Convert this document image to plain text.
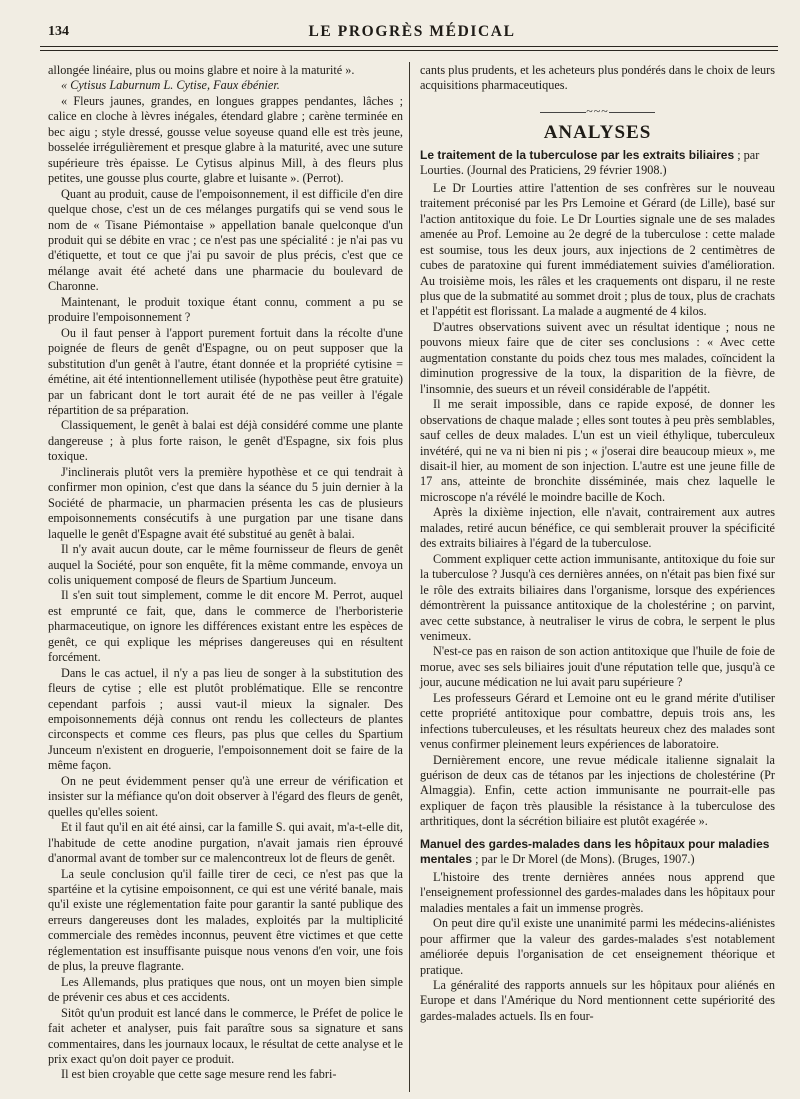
134	LE PROGRÈS MÉDICAL

allongée linéaire, plus ou moins glabre et noire à la maturité ».

« Cytisus Laburnum L. Cytise, Faux ébénier.

« Fleurs jaunes, grandes, en longues grappes pendantes, lâches ; calice en cloche à lèvres inégales, étendard glabre ; carène terminée en bec aigu ; style dressé, gousse velue soyeuse quand elle est très jeune, bosselée irrégulièrement et presque glabre à la maturité, avec une suture supérieure très épaisse. Le Cytisus alpinus Mill, à des fleurs plus petites, une gousse plus courte, glabre et luisante ». (Perrot).

Quant au produit, cause de l'empoisonnement, il est difficile d'en dire quelque chose, c'est un de ces mélanges purgatifs qui se vend sous le nom de « Tisane Piémontaise » appellation banale quelconque d'un produit qui se débite en vrac ; ce n'est pas une spécialité : je n'ai pas vu d'étiquette, et tout ce que j'ai pu savoir de plus précis, c'est que ce mélange avait été acheté dans une pharmacie du boulevard de Charonne.

Maintenant, le produit toxique étant connu, comment a pu se produire l'empoisonnement ?

Ou il faut penser à l'apport purement fortuit dans la récolte d'une poignée de fleurs de genêt d'Espagne, ou on peut supposer que la substitution d'un genêt à l'autre, étant donnée et la propriété cytisine = émétine, ait été intentionnellement utilisée (hypothèse peut être gratuite) par un fabricant dont le tort aurait été de ne pas veiller à l'égale répartition de sa préparation.

Classiquement, le genêt à balai est déjà considéré comme une plante dangereuse ; à plus forte raison, le genêt d'Espagne, six fois plus toxique.

J'inclinerais plutôt vers la première hypothèse et ce qui tendrait à confirmer mon opinion, c'est que dans la séance du 5 juin dernier à la Société de pharmacie, un pharmacien présenta les cas de plusieurs empoisonnements consécutifs à une purgation par une tisane dans laquelle le genêt d'Espagne avait été substitué au genêt à balai.

Il n'y avait aucun doute, car le même fournisseur de fleurs de genêt auquel la Société, pour son enquête, fit la même commande, envoya un colis uniquement composé de fleurs de Spartium Junceum.

Il s'en suit tout simplement, comme le dit encore M. Perrot, auquel est emprunté ce fait, que, dans le commerce de l'herboristerie pharmaceutique, on ignore les différences existant entre les espèces de genêt, ce qui explique les méprises dangereuses qui en résultent forcément.

Dans le cas actuel, il n'y a pas lieu de songer à la substitution des fleurs de cytise ; elle est plutôt problématique. Elle se rencontre cependant parfois ; aussi vaut-il mieux la signaler. Des empoisonnements déjà connus ont rendu les collecteurs de plantes circonspects et comme ces fleurs, pas plus que celles du Spartium Junceum n'existent en droguerie, l'empoisonnement doit se faire de la même façon.

On ne peut évidemment penser qu'à une erreur de vérification et insister sur la méfiance qu'on doit observer à l'égard des fleurs de genêt, quelles qu'elles soient.

Et il faut qu'il en ait été ainsi, car la famille S. qui avait, m'a-t-elle dit, l'habitude de cette anodine purgation, n'avait jamais rien éprouvé d'anormal avant de tomber sur ce malencontreux lot de fleurs de genêt.

La seule conclusion qu'il faille tirer de ceci, ce n'est pas que la spartéine et la cytisine empoisonnent, ce qui est une vérité banale, mais qu'il existe une réglementation faite pour garantir la santé publique des erreurs dangereuses dont les malades, exploités par la multiplicité commerciale des remèdes inconnus, peuvent être victimes et que cette réglementation est insuffisante puisque nous venons d'en voir, une fois de plus, la preuve flagrante.

Les Allemands, plus pratiques que nous, ont un moyen bien simple de prévenir ces abus et ces accidents.

Sitôt qu'un produit est lancé dans le commerce, le Préfet de police le fait acheter et analyser, puis fait paraître sous sa signature et sans commentaires, dans les journaux locaux, le résultat de cette analyse et le prix exact qu'on doit payer ce produit.

Il est bien croyable que cette sage mesure rend les fabri-

cants plus prudents, et les acheteurs plus pondérés dans le choix de leurs acquisitions pharmaceutiques.

~~~
ANALYSES
Le traitement de la tuberculose par les extraits biliaires ; par Lourties. (Journal des Praticiens, 29 février 1908.)

Le Dr Lourties attire l'attention de ses confrères sur le nouveau traitement préconisé par les Prs Lemoine et Gérard (de Lille), basé sur l'action antitoxique du foie. Le Dr Lourties signale une de ses malades amenée au Prof. Lemoine au 2e degré de la tuberculose : cette malade est soumise, tous les deux jours, aux injections de 2 centimètres de cubes de paratoxine qui furent immédiatement suivies d'amélioration. Au troisième mois, les râles et les craquements ont disparu, il ne reste plus que de la submatité au sommet droit ; plus de toux, plus de crachats et l'appétit est florissant. La malade a augmenté de 4 kilos.

D'autres observations suivent avec un résultat identique ; nous ne pouvons mieux faire que de citer ses conclusions : « Avec cette augmentation constante du poids chez tous mes malades, coïncident la diminution progressive de la toux, la disparition de la fièvre, de l'insomnie, des sueurs et un réveil considérable de l'appétit.

Il me serait impossible, dans ce rapide exposé, de donner les observations de chaque malade ; elles sont toutes à peu près semblables, sauf celles de deux malades. L'un est un vieil éthylique, tuberculeux invétéré, qui ne va ni bien ni pis ; « j'oserai dire beaucoup mieux », me disait-il hier, au moment de son injection. L'autre est une jeune fille de 17 ans, atteinte de bronchite disséminée, mais chez laquelle le microscope n'a révélé le moindre bacille de Koch.

Après la dixième injection, elle n'avait, contrairement aux autres malades, retiré aucun bénéfice, ce qui semblerait prouver la spécificité des extraits biliaires à l'égard de la tuberculose.

Comment expliquer cette action immunisante, antitoxique du foie sur la tuberculose ? Jusqu'à ces dernières années, on n'était pas bien fixé sur le rôle des extraits biliaires dans l'organisme, lorsque des expériences démontrèrent la puissance antitoxique de la cholestérine ; on parvint, avec cette substance, à neutraliser le virus de cobra, le serpent le plus venimeux.

N'est-ce pas en raison de son action antitoxique que l'huile de foie de morue, avec ses sels biliaires jouit d'une réputation telle que, jusqu'à ce jour, aucune médication ne lui avait paru supérieure ?

Les professeurs Gérard et Lemoine ont eu le grand mérite d'utiliser cette propriété antitoxique pour combattre, depuis trois ans, les infections tuberculeuses, et les résultats heureux chez des malades sont venus confirmer pleinement leurs expériences de laboratoire.

Dernièrement encore, une revue médicale italienne signalait la guérison de deux cas de tétanos par les injections de cholestérine (Pr Almaggia). Enfin, cette action immunisante ne pourrait-elle pas expliquer de façon très plausible la résistance à la tuberculose des arthritiques, dont la sécrétion biliaire est plutôt exagérée ».

Manuel des gardes-malades dans les hôpitaux pour maladies mentales ; par le Dr Morel (de Mons). (Bruges, 1907.)

L'histoire des trente dernières années nous apprend que l'enseignement professionnel des gardes-malades dans les hôpitaux pour maladies mentales a fait un immense progrès.

On peut dire qu'il existe une unanimité parmi les médecins-aliénistes pour affirmer que la valeur des gardes-malades s'est notablement améliorée depuis l'organisation de cet enseignement théorique et pratique.

La généralité des rapports annuels sur les hôpitaux pour aliénés en Europe et dans l'Amérique du Nord mentionnent cette supériorité des gardes-malades actuels. Ils en four-
